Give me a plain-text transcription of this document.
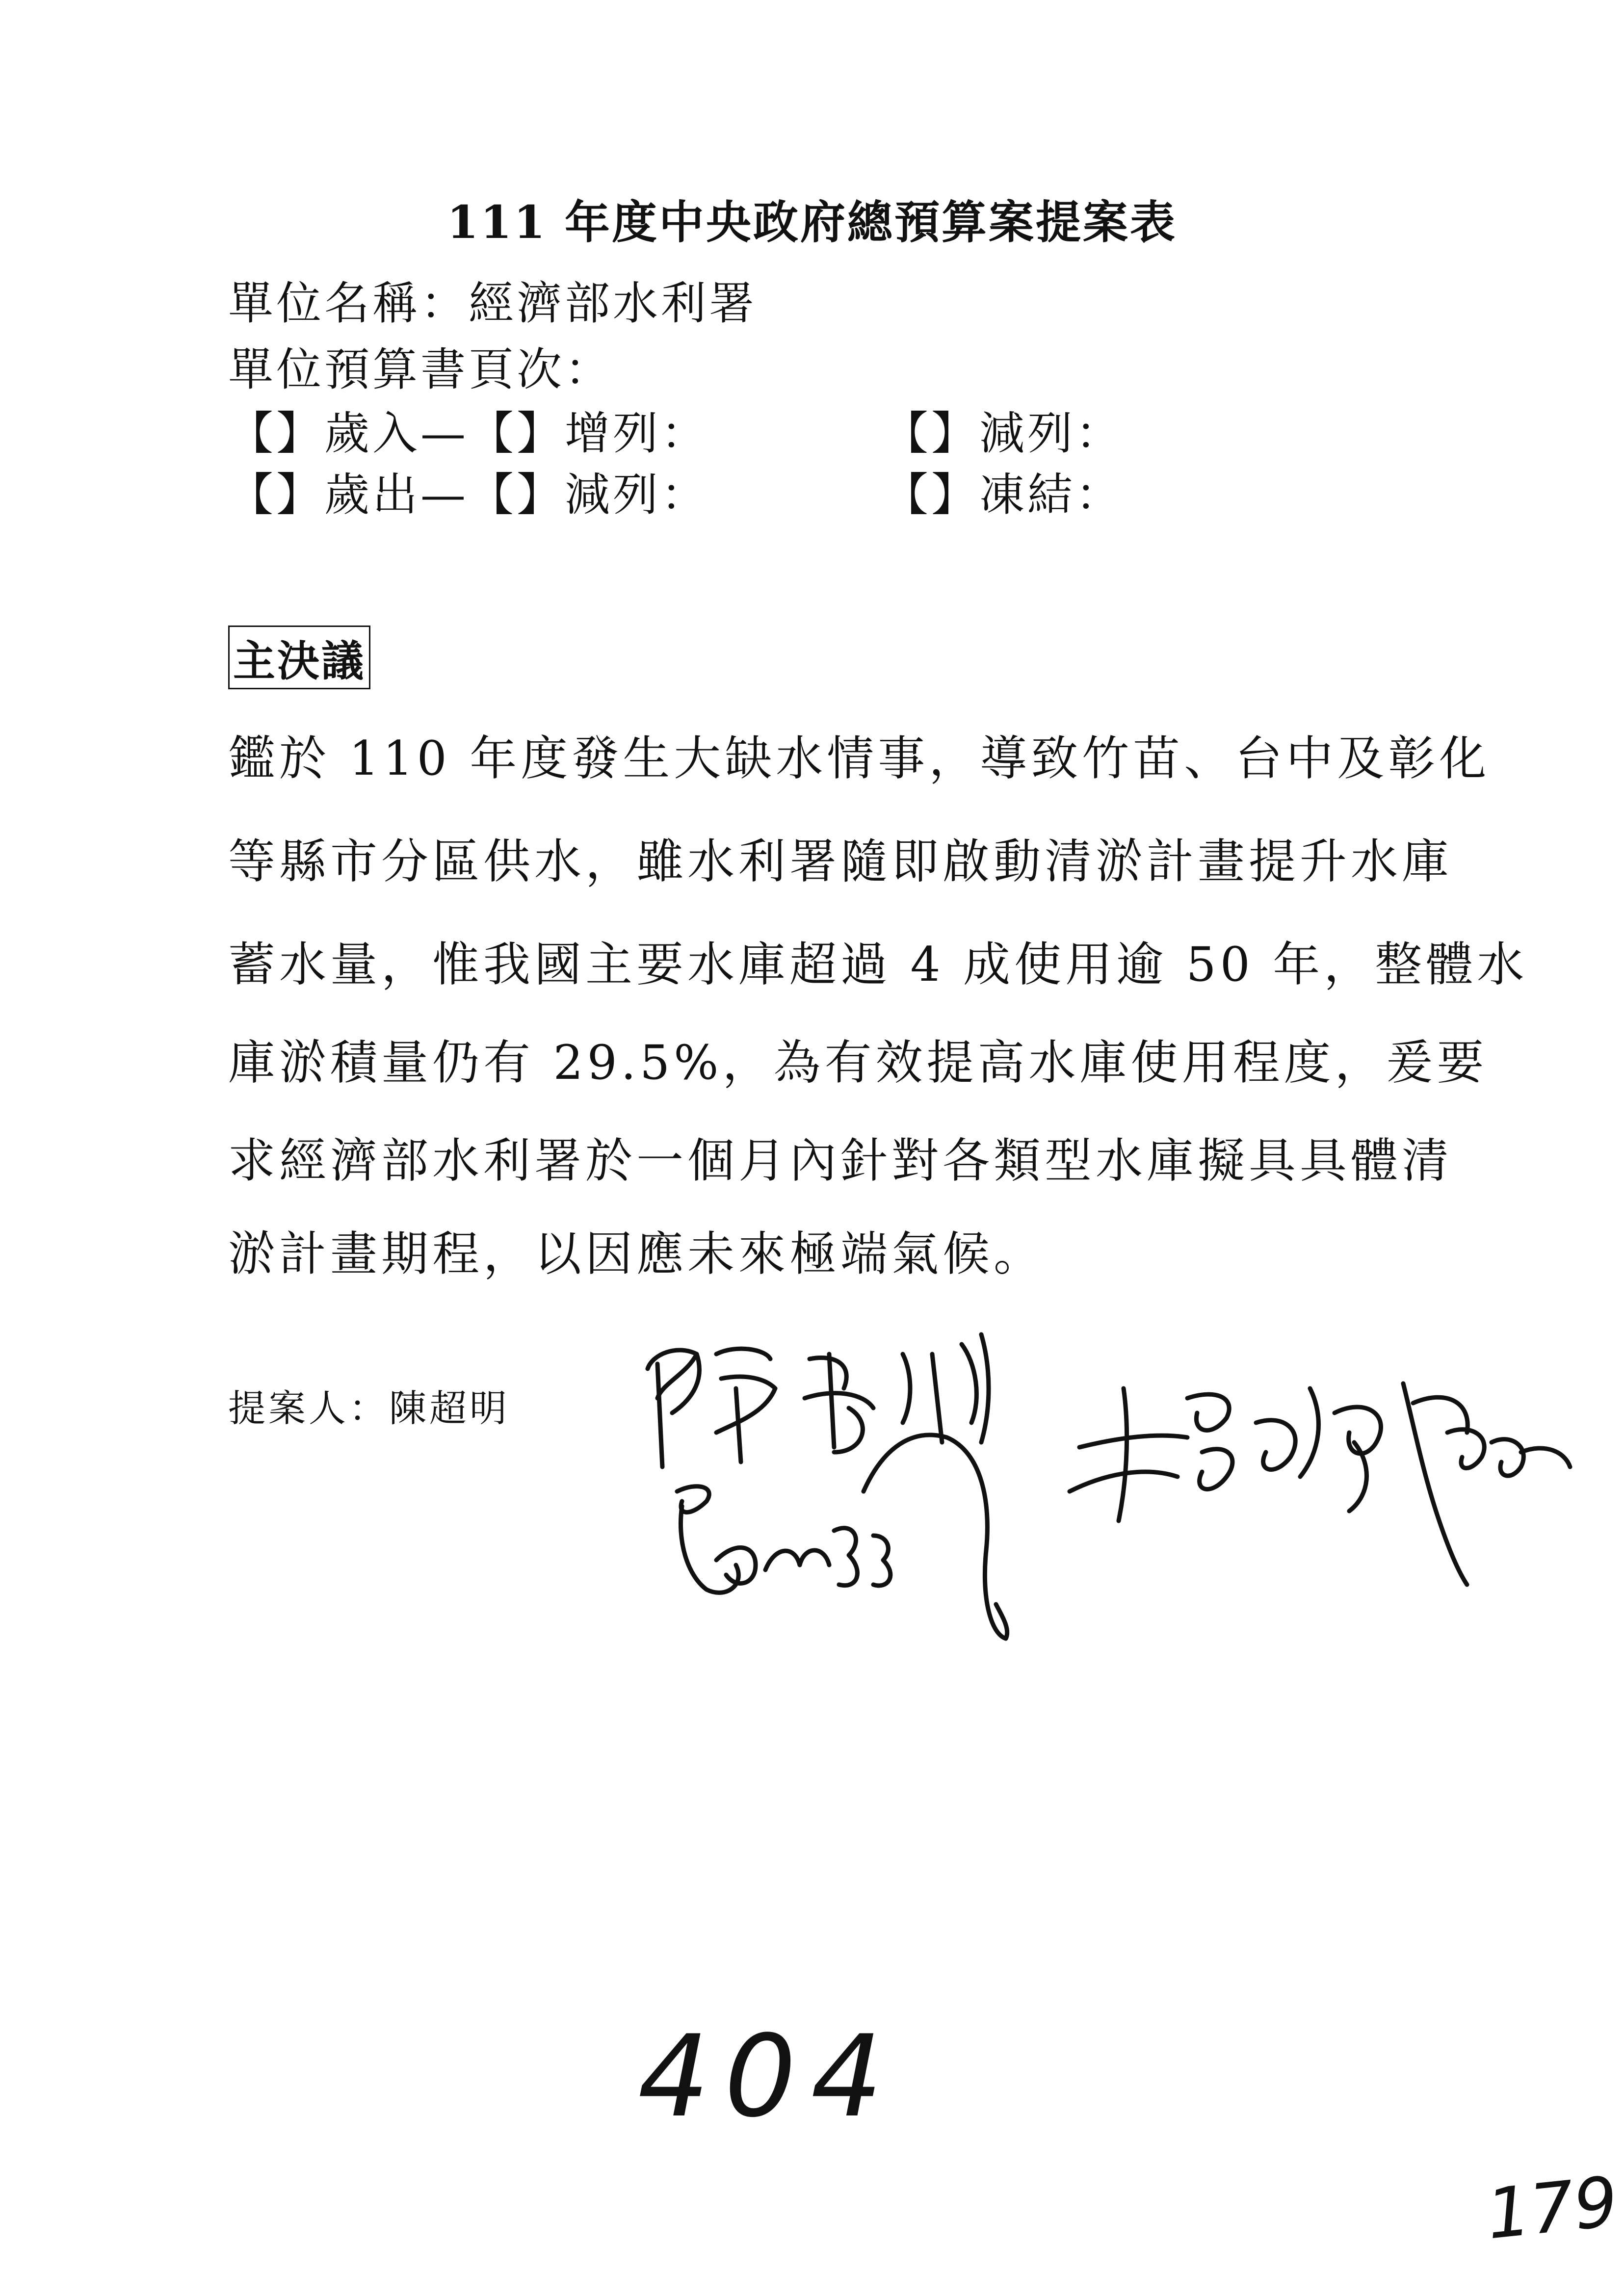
111 年度中央政府總預算案提案表
單位名稱：經濟部水利署
單位預算書頁次：
【】歲入—【】增列：	【】減列：
【】歲出—【】減列：	【】凍結：
主決議
鑑於 110 年度發生大缺水情事，導致竹苗、台中及彰化
等縣市分區供水，雖水利署隨即啟動清淤計畫提升水庫
蓄水量，惟我國主要水庫超過 4 成使用逾 50 年，整體水
庫淤積量仍有 29.5%，為有效提高水庫使用程度，爰要
求經濟部水利署於一個月內針對各類型水庫擬具具體清
淤計畫期程，以因應未來極端氣候。
提案人：陳超明
404
179
